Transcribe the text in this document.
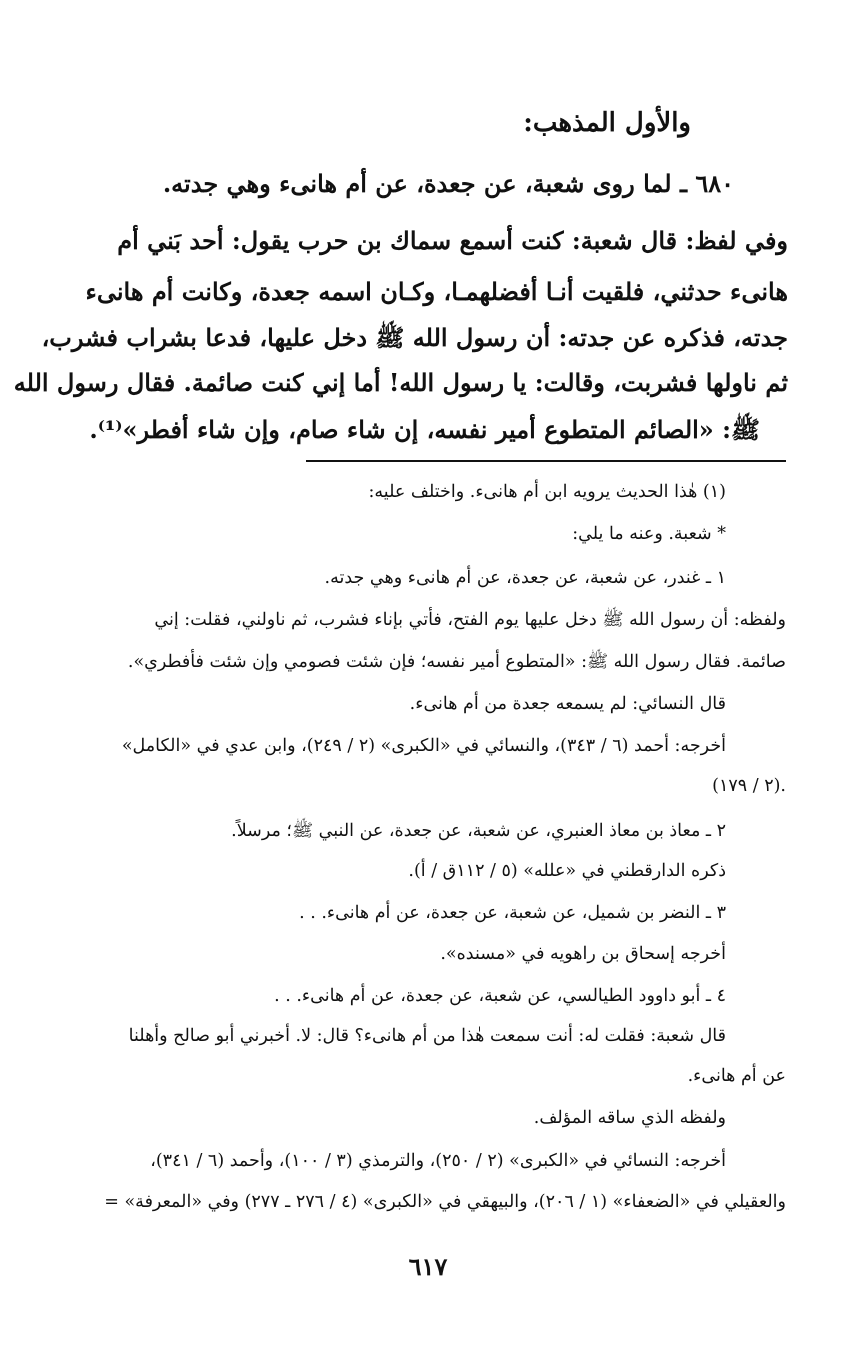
والأول المذهب:
٦٨٠ ـ لما روى شعبة، عن جعدة، عن أم هانىء وهي جدته.
وفي لفظ: قال شعبة: كنت أسمع سماك بن حرب يقول: أحد بَني أم
هانىء حدثني، فلقيت أنـا أفضلهمـا، وكـان اسمه جعدة، وكانت أم هانىء
جدته، فذكره عن جدته: أن رسول الله ﷺ دخل عليها، فدعا بشراب فشرب،
ثم ناولها فشربت، وقالت: يا رسول الله! أما إني كنت صائمة. فقال رسول الله
ﷺ: «الصائم المتطوع أمير نفسه، إن شاء صام، وإن شاء أفطر»⁽¹⁾.
(١) هٰذا الحديث يرويه ابن أم هانىء. واختلف عليه:
* شعبة. وعنه ما يلي:
١ ـ غندر، عن شعبة، عن جعدة، عن أم هانىء وهي جدته.
ولفظه: أن رسول الله ﷺ دخل عليها يوم الفتح، فأتي بإناء فشرب، ثم ناولني، فقلت: إني
صائمة. فقال رسول الله ﷺ: «المتطوع أمير نفسه؛ فإن شئت فصومي وإن شئت فأفطري».
قال النسائي: لم يسمعه جعدة من أم هانىء.
أخرجه: أحمد (٦ / ٣٤٣)، والنسائي في «الكبرى» (٢ / ٢٤٩)، وابن عدي في «الكامل»
(٢ / ١٧٩).
٢ ـ معاذ بن معاذ العنبري، عن شعبة، عن جعدة، عن النبي ﷺ؛ مرسلاً.
ذكره الدارقطني في «علله» (٥ / ١١٢ق / أ).
٣ ـ النضر بن شميل، عن شعبة، عن جعدة، عن أم هانىء. . .
أخرجه إسحاق بن راهويه في «مسنده».
٤ ـ أبو داوود الطيالسي، عن شعبة، عن جعدة، عن أم هانىء. . .
قال شعبة: فقلت له: أنت سمعت هٰذا من أم هانىء؟ قال: لا. أخبرني أبو صالح وأهلنا
عن أم هانىء.
ولفظه الذي ساقه المؤلف.
أخرجه: النسائي في «الكبرى» (٢ / ٢٥٠)، والترمذي (٣ / ١٠٠)، وأحمد (٦ / ٣٤١)،
والعقيلي في «الضعفاء» (١ / ٢٠٦)، والبيهقي في «الكبرى» (٤ / ٢٧٦ ـ ٢٧٧) وفي «المعرفة» =
٦١٧
